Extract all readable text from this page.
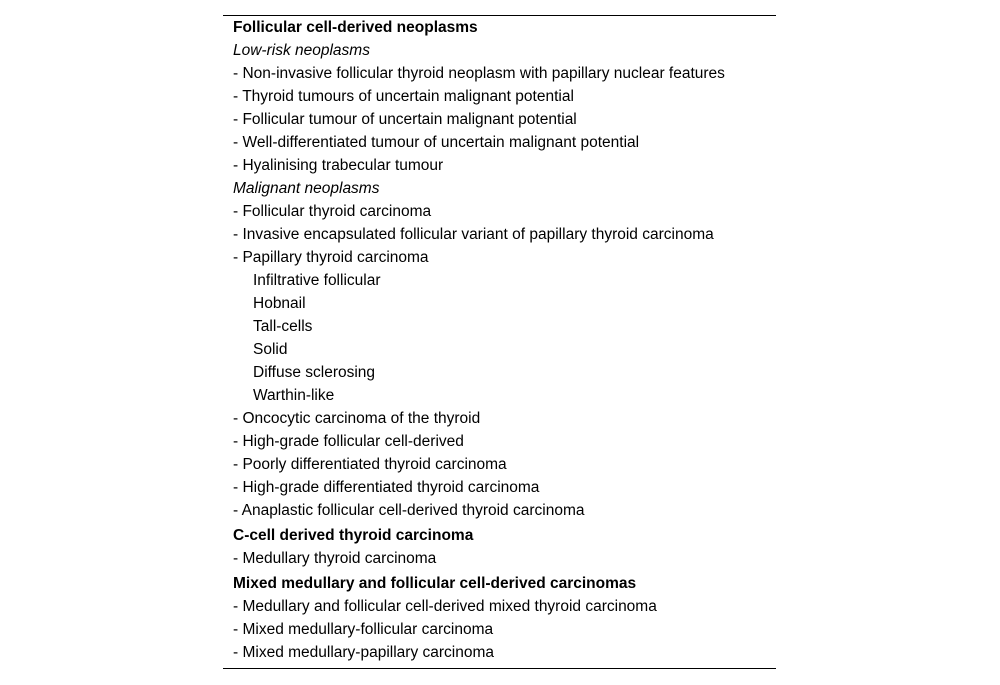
Follicular cell-derived neoplasms
Low-risk neoplasms
- Non-invasive follicular thyroid neoplasm with papillary nuclear features
- Thyroid tumours of uncertain malignant potential
- Follicular tumour of uncertain malignant potential
- Well-differentiated tumour of uncertain malignant potential
- Hyalinising trabecular tumour
Malignant neoplasms
- Follicular thyroid carcinoma
- Invasive encapsulated follicular variant of papillary thyroid carcinoma
- Papillary thyroid carcinoma
Infiltrative follicular
Hobnail
Tall-cells
Solid
Diffuse sclerosing
Warthin-like
- Oncocytic carcinoma of the thyroid
- High-grade follicular cell-derived
- Poorly differentiated thyroid carcinoma
- High-grade differentiated thyroid carcinoma
- Anaplastic follicular cell-derived thyroid carcinoma
C-cell derived thyroid carcinoma
- Medullary thyroid carcinoma
Mixed medullary and follicular cell-derived carcinomas
- Medullary and follicular cell-derived mixed thyroid carcinoma
- Mixed medullary-follicular carcinoma
- Mixed medullary-papillary carcinoma
